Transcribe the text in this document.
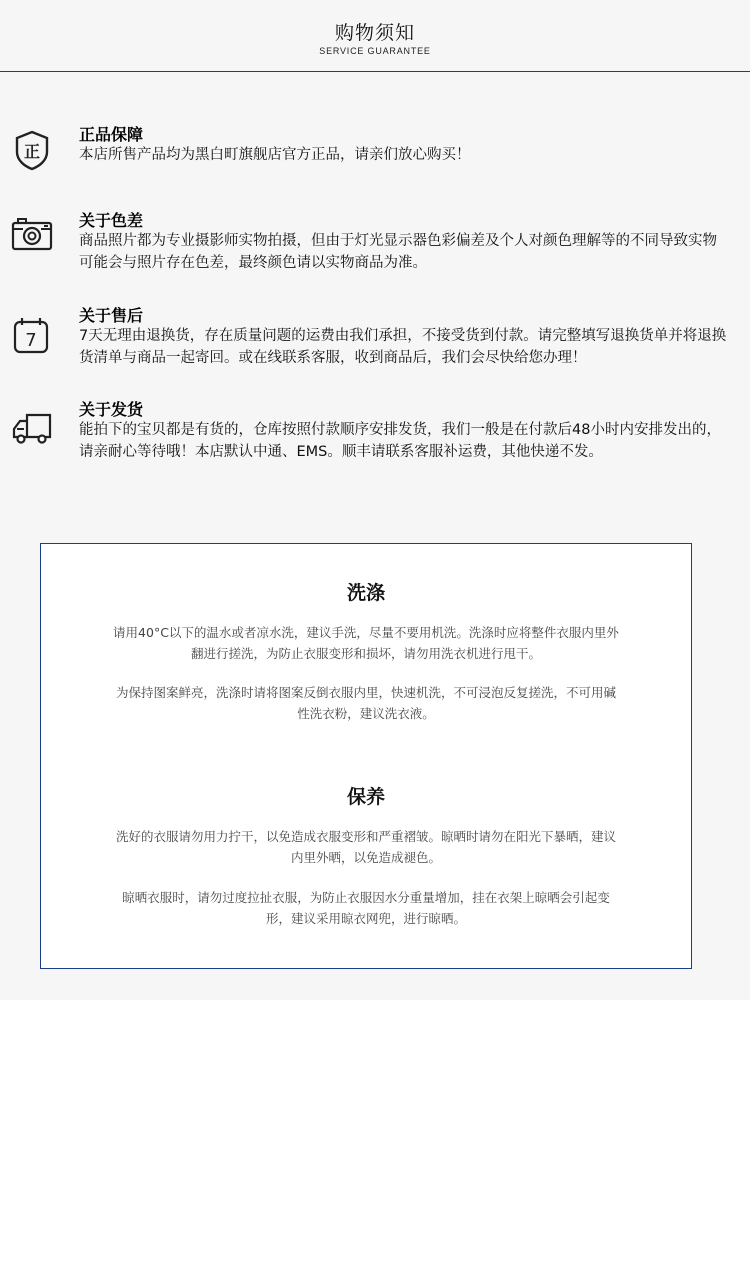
购物须知
SERVICE GUARANTEE
正
正品保障
本店所售产品均为黑白町旗舰店官方正品，请亲们放心购买！
关于色差
商品照片都为专业摄影师实物拍摄，但由于灯光显示器色彩偏差及个人对颜色理解等的不同导致实物可能会与照片存在色差，最终颜色请以实物商品为准。
7
关于售后
7天无理由退换货，存在质量问题的运费由我们承担，不接受货到付款。请完整填写退换货单并将退换货清单与商品一起寄回。或在线联系客服，收到商品后，我们会尽快给您办理！
关于发货
能拍下的宝贝都是有货的，仓库按照付款顺序安排发货，我们一般是在付款后48小时内安排发出的，请亲耐心等待哦！本店默认中通、EMS。顺丰请联系客服补运费，其他快递不发。
洗涤
请用40°C以下的温水或者凉水洗，建议手洗，尽量不要用机洗。洗涤时应将整件衣服内里外翻进行搓洗，为防止衣服变形和损坏，请勿用洗衣机进行甩干。
为保持图案鲜亮，洗涤时请将图案反倒衣服内里，快速机洗，不可浸泡反复搓洗，不可用碱性洗衣粉，建议洗衣液。
保养
洗好的衣服请勿用力拧干，以免造成衣服变形和严重褶皱。晾晒时请勿在阳光下暴晒，建议内里外晒，以免造成褪色。
晾晒衣服时，请勿过度拉扯衣服，为防止衣服因水分重量增加，挂在衣架上晾晒会引起变形，建议采用晾衣网兜，进行晾晒。
